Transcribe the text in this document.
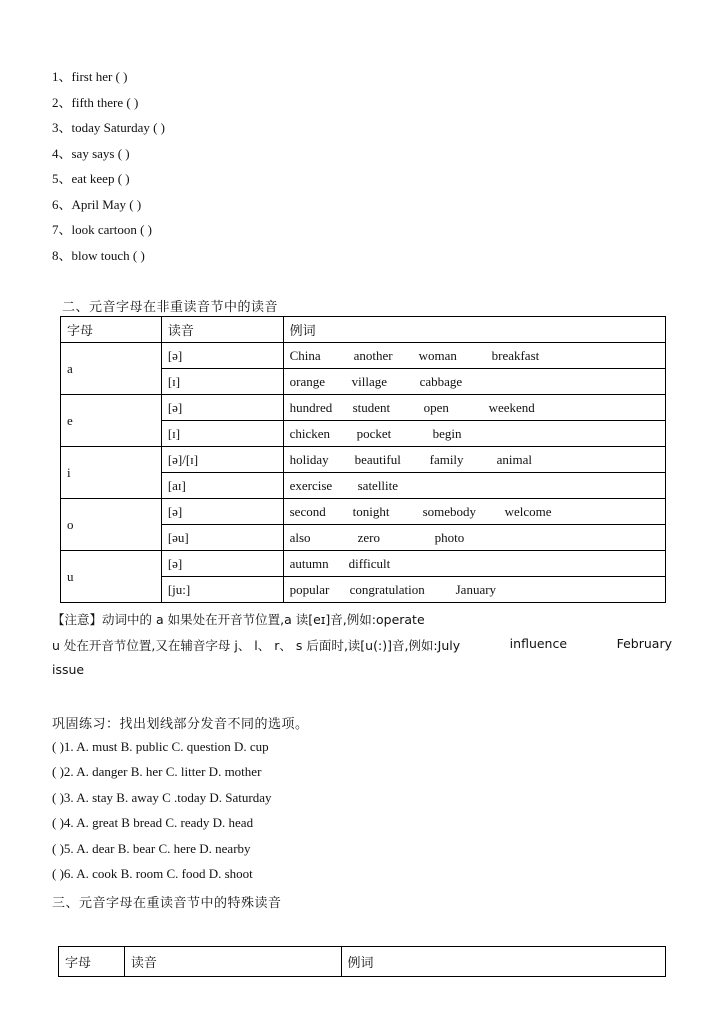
1、first her ( )
2、fifth there ( )
3、today Saturday ( )
4、say says ( )
5、eat keep ( )
6、April May ( )
7、look cartoon ( )
8、blow touch ( )
二、元音字母在非重读音节中的读音
字母	读音	例词
a	[ə]	China another woman breakfast
	[ɪ]	orange village cabbage
e	[ə]	hundred student open weekend
	[ɪ]	chicken pocket begin
i	[ə]/[ɪ]	holiday beautiful family animal
	[aɪ]	exercise satellite
o	[ə]	second tonight somebody welcome
	[əu]	also zero photo
u	[ə]	autumn difficult
	[ju:]	popular congratulation January
【注意】动词中的 a 如果处在开音节位置,a 读[eɪ]音,例如:operate
u 处在开音节位置,又在辅音字母 j、 l、 r、 s 后面时,读[u(:)]音,例如:July	influence	February
issue
巩固练习：找出划线部分发音不同的选项。
( )1. A. must B. public C. question D. cup
( )2. A. danger B. her C. litter D. mother
( )3. A. stay B. away C .today D. Saturday
( )4. A. great B bread C. ready D. head
( )5. A. dear B. bear C. here D. nearby
( )6. A. cook B. room C. food D. shoot
三、元音字母在重读音节中的特殊读音
字母	读音	例词
